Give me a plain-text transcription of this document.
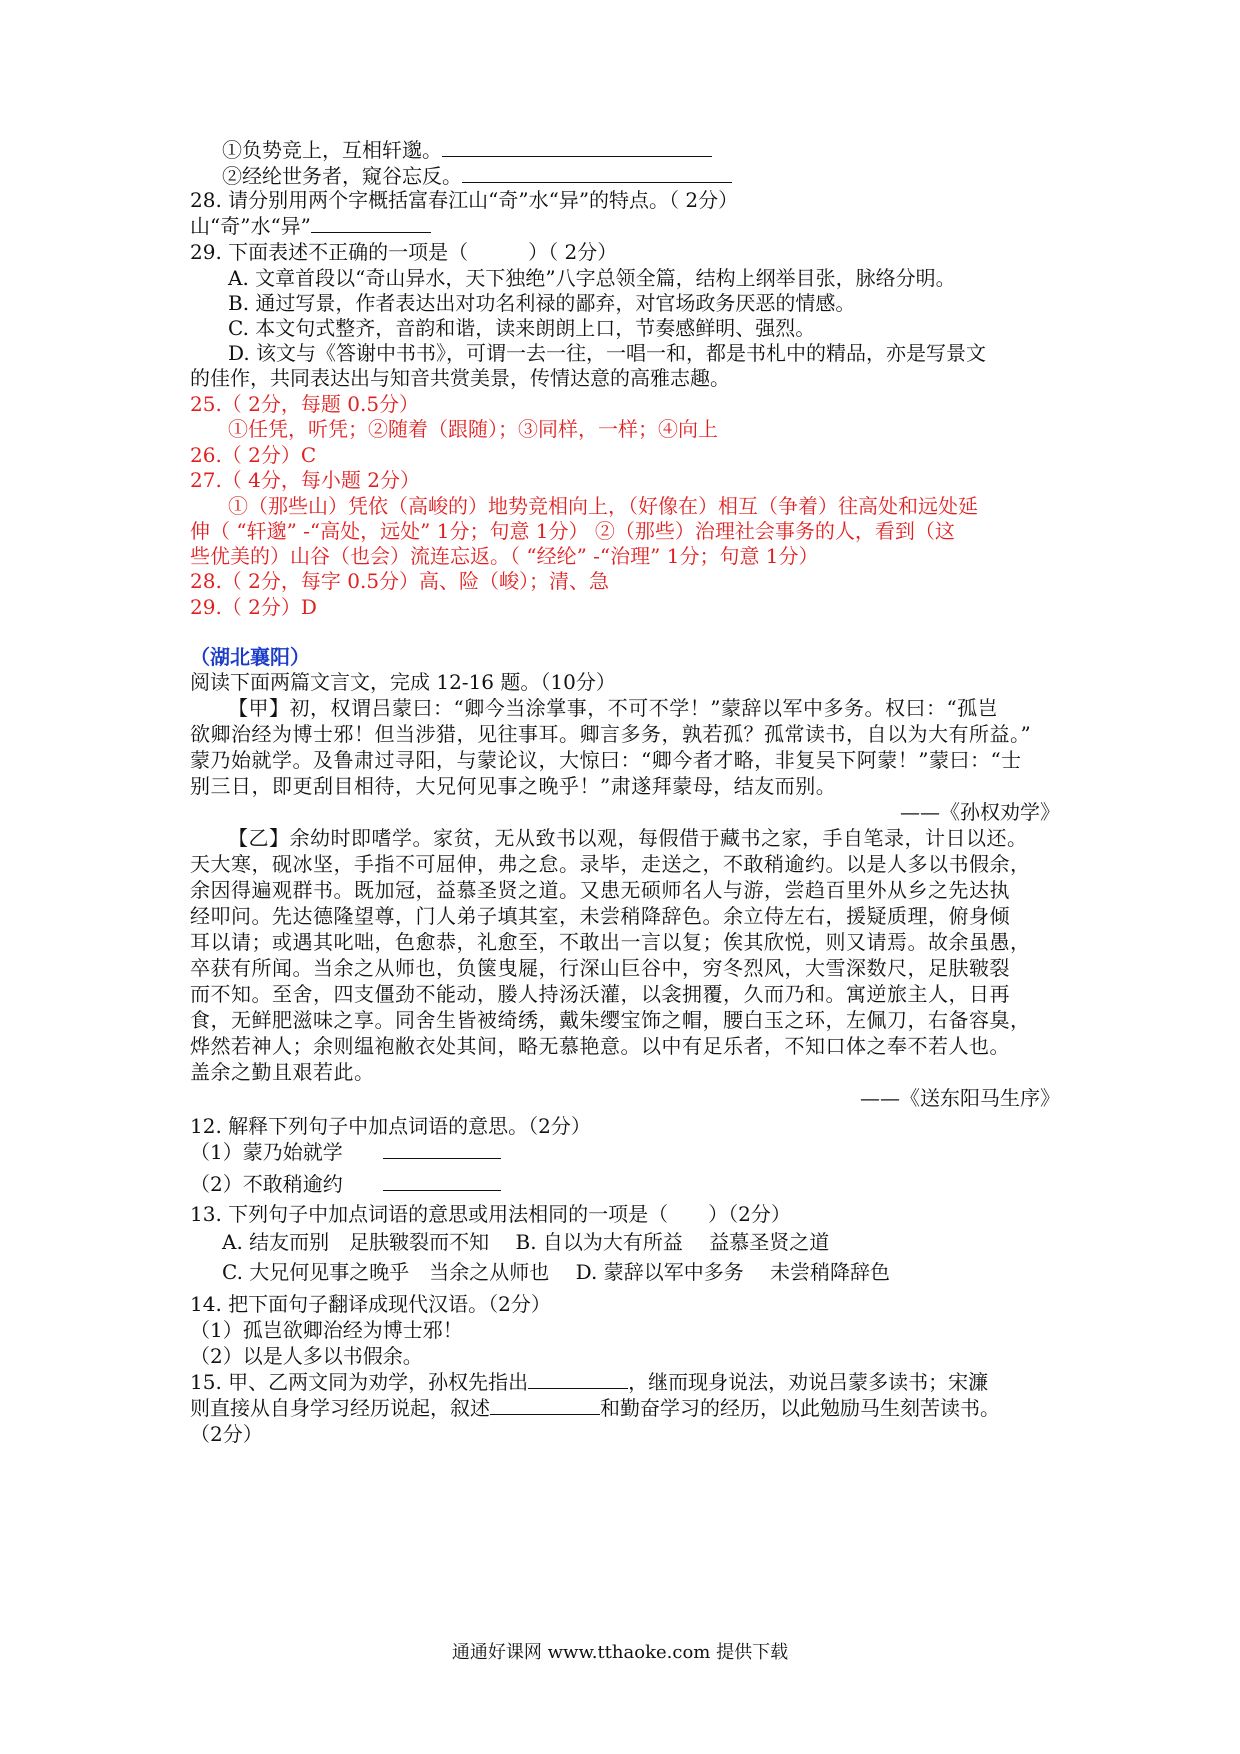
①负势竞上，互相轩邈。
②经纶世务者，窥谷忘反。
28. 请分别用两个字概括富春江山“奇”水“异”的特点。（ 2分）
山“奇”水“异”
29. 下面表述不正确的一项是（　　　）（ 2分）
A. 文章首段以“奇山异水，天下独绝”八字总领全篇，结构上纲举目张，脉络分明。
B. 通过写景，作者表达出对功名利禄的鄙弃，对官场政务厌恶的情感。
C. 本文句式整齐，音韵和谐，读来朗朗上口，节奏感鲜明、强烈。
D. 该文与《答谢中书书》，可谓一去一往，一唱一和，都是书札中的精品，亦是写景文
的佳作，共同表达出与知音共赏美景，传情达意的高雅志趣。
25.（ 2分，每题 0.5分）
①任凭，听凭；②随着（跟随）；③同样，一样；④向上
26.（ 2分）C
27.（ 4分，每小题 2分）
①（那些山）凭依（高峻的）地势竞相向上，（好像在）相互（争着）往高处和远处延
伸（ “轩邈” -“高处，远处” 1分；句意 1分） ②（那些）治理社会事务的人，看到（这
些优美的）山谷（也会）流连忘返。（ “经纶” -“治理” 1分；句意 1分）
28.（ 2分，每字 0.5分）高、险（峻）；清、急
29.（ 2分）D
（湖北襄阳）
阅读下面两篇文言文，完成 12-16 题。（10分）
【甲】初，权谓吕蒙曰：“卿今当涂掌事，不可不学！”蒙辞以军中多务。权曰：“孤岂
欲卿治经为博士邪！但当涉猎，见往事耳。卿言多务，孰若孤？孤常读书，自以为大有所益。”
蒙乃始就学。及鲁肃过寻阳，与蒙论议，大惊曰：“卿今者才略，非复吴下阿蒙！”蒙曰：“士
别三日，即更刮目相待，大兄何见事之晚乎！”肃遂拜蒙母，结友而别。
——《孙权劝学》
【乙】余幼时即嗜学。家贫，无从致书以观，每假借于藏书之家，手自笔录，计日以还。
天大寒，砚冰坚，手指不可屈伸，弗之怠。录毕，走送之，不敢稍逾约。以是人多以书假余，
余因得遍观群书。既加冠，益慕圣贤之道。又患无硕师名人与游，尝趋百里外从乡之先达执
经叩问。先达德隆望尊，门人弟子填其室，未尝稍降辞色。余立侍左右，援疑质理，俯身倾
耳以请；或遇其叱咄，色愈恭，礼愈至，不敢出一言以复；俟其欣悦，则又请焉。故余虽愚，
卒获有所闻。当余之从师也，负箧曳屣，行深山巨谷中，穷冬烈风，大雪深数尺，足肤皲裂
而不知。至舍，四支僵劲不能动，媵人持汤沃灌，以衾拥覆，久而乃和。寓逆旅主人，日再
食，无鲜肥滋味之享。同舍生皆被绮绣，戴朱缨宝饰之帽，腰白玉之环，左佩刀，右备容臭，
烨然若神人；余则缊袍敝衣处其间，略无慕艳意。以中有足乐者，不知口体之奉不若人也。
盖余之勤且艰若此。
——《送东阳马生序》
12. 解释下列句子中加点词语的意思。（2分）
（1）蒙乃始就学
（2）不敢稍逾约
13. 下列句子中加点词语的意思或用法相同的一项是（　　）（2分）
A. 结友而别　足肤皲裂而不知　 B. 自以为大有所益　 益慕圣贤之道
C. 大兄何见事之晚乎　当余之从师也　 D. 蒙辞以军中多务　 未尝稍降辞色
14. 把下面句子翻译成现代汉语。（2分）
（1）孤岂欲卿治经为博士邪！
（2）以是人多以书假余。
15. 甲、乙两文同为劝学，孙权先指出	，继而现身说法，劝说吕蒙多读书；宋濂
则直接从自身学习经历说起，叙述	和勤奋学习的经历，以此勉励马生刻苦读书。
（2分）
通通好课网 www.tthaoke.com 提供下载
